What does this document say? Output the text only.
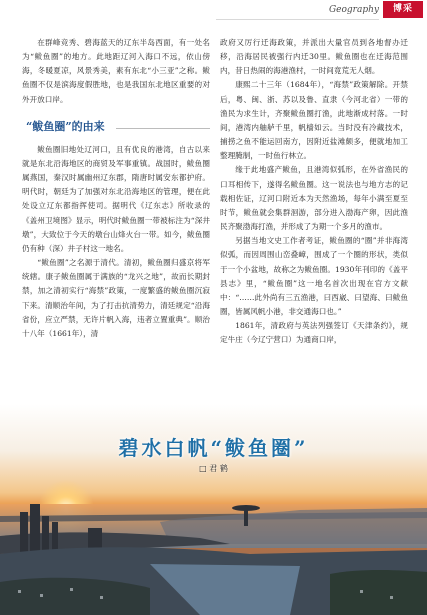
Geography	博采

在群峰竞秀、碧海蓝天的辽东半岛西面，有一处名为“鲅鱼圈”的地方。此地距辽河入海口不远，依山傍海，冬暖夏凉，风景秀美，素有东北“小三亚”之称。鲅鱼圈不仅是滨海度假胜地，也是我国东北地区重要的对外开放口岸。

“鲅鱼圈”的由来

鲅鱼圈旧地处辽河口，且有优良的港湾，自古以来就是东北沿海地区的商贸及军事重镇。战国时，鲅鱼圈属燕国，秦汉时属幽州辽东郡，隋唐时属安东都护府。明代时，朝廷为了加强对东北沿海地区的管理，便在此处设立辽东都指挥使司。据明代《辽东志》所收录的《盖州卫境图》显示，明代时鲅鱼圈一带被标注为“深井墩”，大致位于今天的墩台山烽火台一带。如今，鲅鱼圈仍有种（深）井子村这一地名。

“鲅鱼圈”之名源于清代。清初，鲅鱼圈归盛京将军统辖。康子鲅鱼圈属于满族的“龙兴之地”，故而长期封禁，加之清初实行“海禁”政策，一度繁盛的鲅鱼圈沉寂下来。清顺治年间，为了打击抗清势力，清廷规定“沿海省份，应立严禁，无许片帆入海，违者立置重典”。顺治十八年（1661年），清

政府又厉行迁海政策，并派出大量官员到各地督办迁移，沿海居民被强行内迁30里。鲅鱼圈也在迁海范围内，昔日热闹的海港渔村，一时间竟荒无人烟。

康熙二十三年（1684年），“海禁”政策解除。开禁后，粤、闽、浙、苏以及鲁、直隶（今河北省）一带的渔民为求生计，齐聚鲅鱼圈打渔，此地渐成村落。一时间，港湾内舳舻千里，帆樯如云。当时没有冷藏技术，捕捞之鱼不能运回南方，因附近盐滩颇多，便就地加工整理腌制，一时鱼行林立。

缘于此地盛产鲅鱼，且港湾似弧形，在外省渔民的口耳相传下，遂得名鲅鱼圈。这一说法也与地方志的记载相佐证，辽河口附近本为天然渔场，每年小满至夏至时节，鲅鱼就会集群洄游，部分进入渤海产卵，因此渔民齐聚渤海打渔，并形成了为期一个多月的渔市。

另据当地文史工作者考证，鲅鱼圈的“圈”并非海湾似弧，而因周围山峦叠嶂，围成了一个圈的形状，类似于一个小盆地，故称之为鲅鱼圈。1930年刊印的《盖平县志》里，“鲅鱼圈”这一地名首次出现在官方文献中：“……此外尚有三五渔港，曰西崴、曰望海、曰鲅鱼圈，皆属风帆小港，非交通海口也。”

1861年，清政府与英法列强签订《天津条约》，规定牛庄（今辽宁营口）为通商口岸，

碧水白帆“鲅鱼圈”
□ 君 鹤
